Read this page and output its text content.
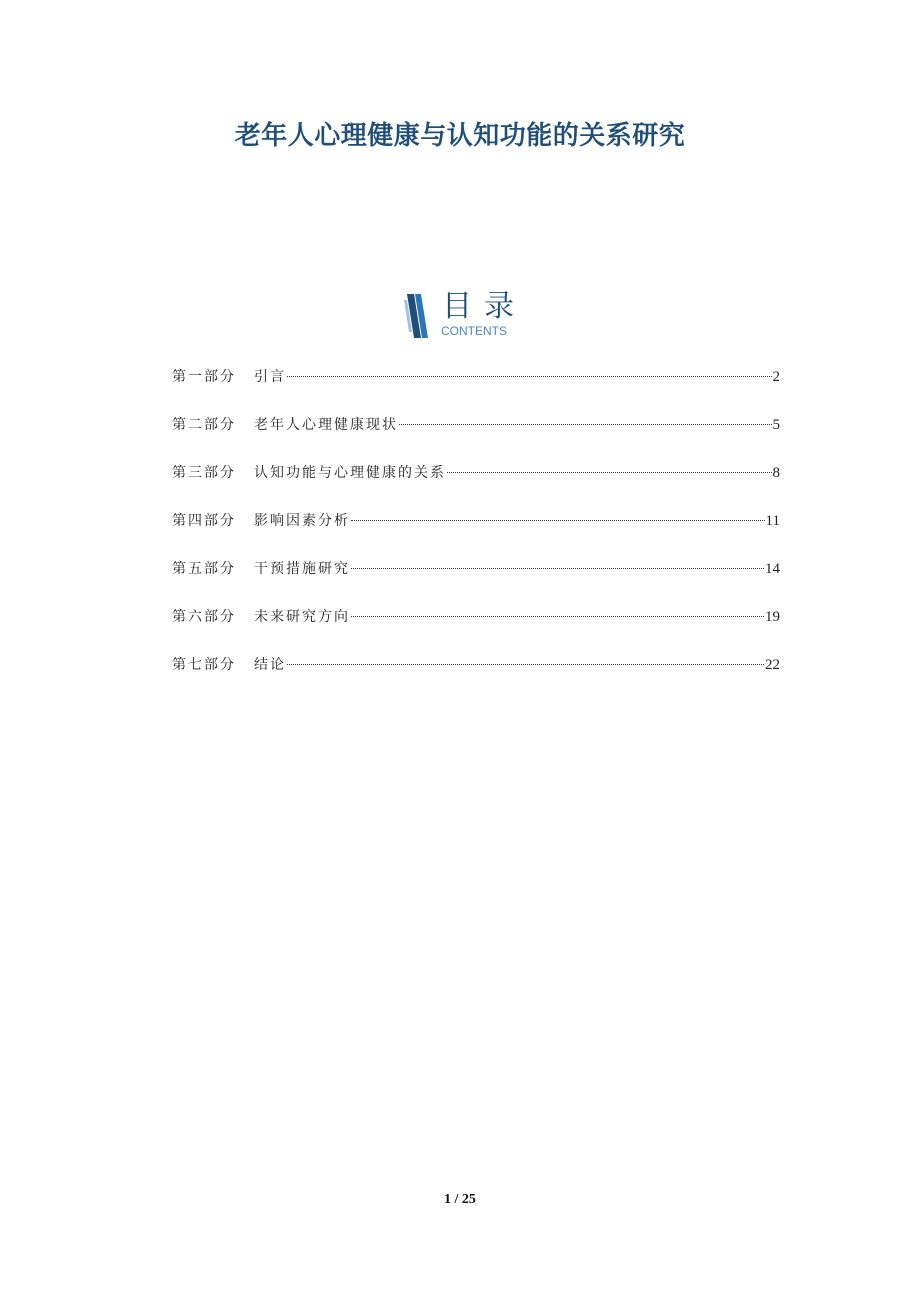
老年人心理健康与认知功能的关系研究
目录
CONTENTS
第一部分	引言	2
第二部分	老年人心理健康现状	5
第三部分	认知功能与心理健康的关系	8
第四部分	影响因素分析	11
第五部分	干预措施研究	14
第六部分	未来研究方向	19
第七部分	结论	22
1 / 25
